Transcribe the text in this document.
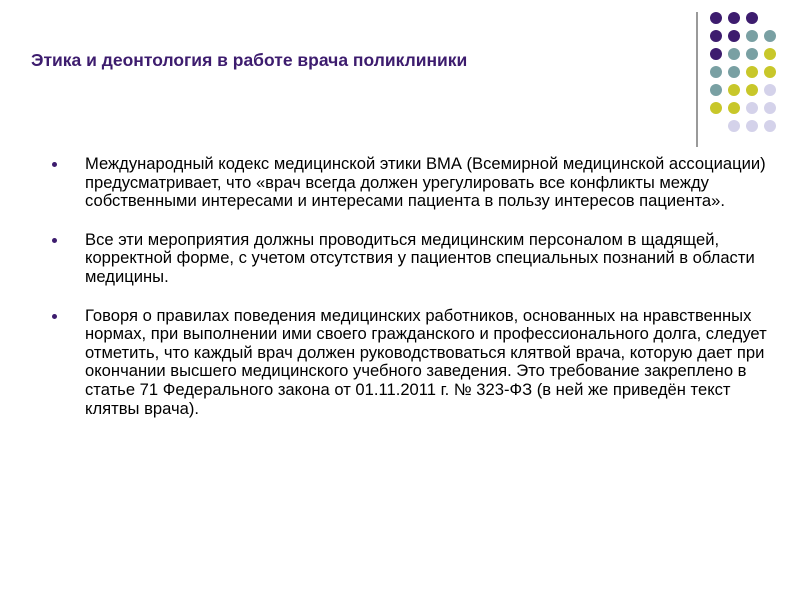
Этика и деонтология в работе врача поликлиники
Международный кодекс медицинской этики ВМА (Всемирной медицинской ассоциации) предусматривает, что «врач всегда должен урегулировать все конфликты между собственными интересами и интересами пациента в пользу интересов пациента».
Все эти мероприятия должны проводиться медицинским персоналом в щадящей, корректной форме, с учетом отсутствия у пациентов специальных познаний в области медицины.
Говоря о правилах поведения медицинских работников, основанных на нравственных нормах, при выполнении ими своего гражданского и профессионального долга, следует отметить, что каждый врач должен руководствоваться клятвой врача, которую дает при окончании высшего медицинского учебного заведения. Это требование закреплено в статье 71 Федерального закона от 01.11.2011 г. № 323-ФЗ (в ней же приведён текст клятвы врача).
